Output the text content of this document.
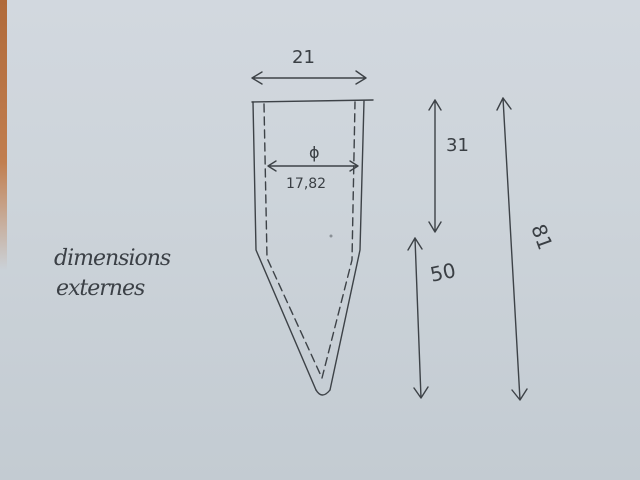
21
ϕ
17,82
31
50
81
dimensions
externes
